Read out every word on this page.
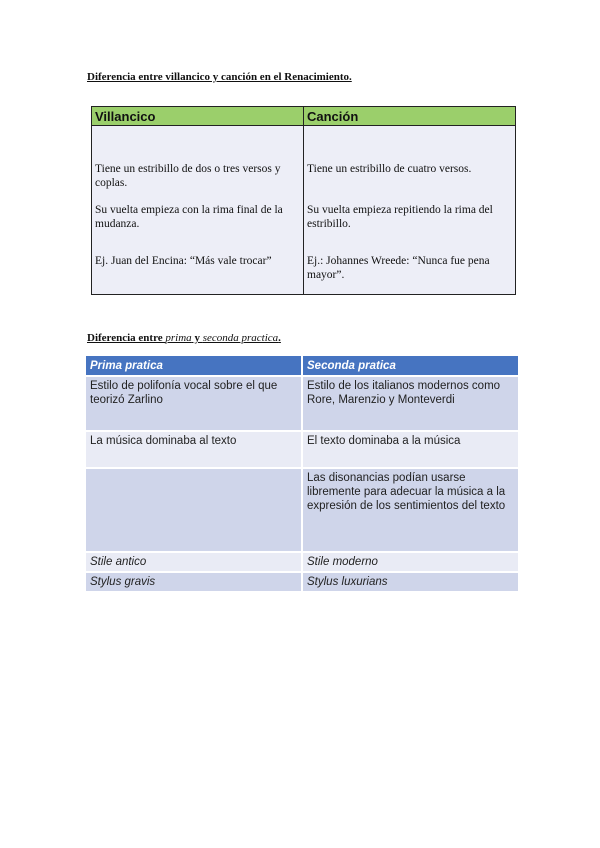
Diferencia entre villancico y canción en el Renacimiento.
Villancico	Canción

Tiene un estribillo de dos o tres versos y coplas.	Tiene un estribillo de cuatro versos.
Su vuelta empieza con la rima final de la mudanza.	Su vuelta empieza repitiendo la rima del estribillo.
Ej. Juan del Encina: “Más vale trocar”	Ej.: Johannes Wreede: “Nunca fue pena mayor”.
Diferencia entre prima y seconda practica.
Prima pratica	Seconda pratica
Estilo de polifonía vocal sobre el que teorizó Zarlino	Estilo de los italianos modernos como Rore, Marenzio y Monteverdi
La música dominaba al texto	El texto dominaba a la música
	Las disonancias podían usarse libremente para adecuar la música a la expresión de los sentimientos del texto
Stile antico	Stile moderno
Stylus gravis	Stylus luxurians
